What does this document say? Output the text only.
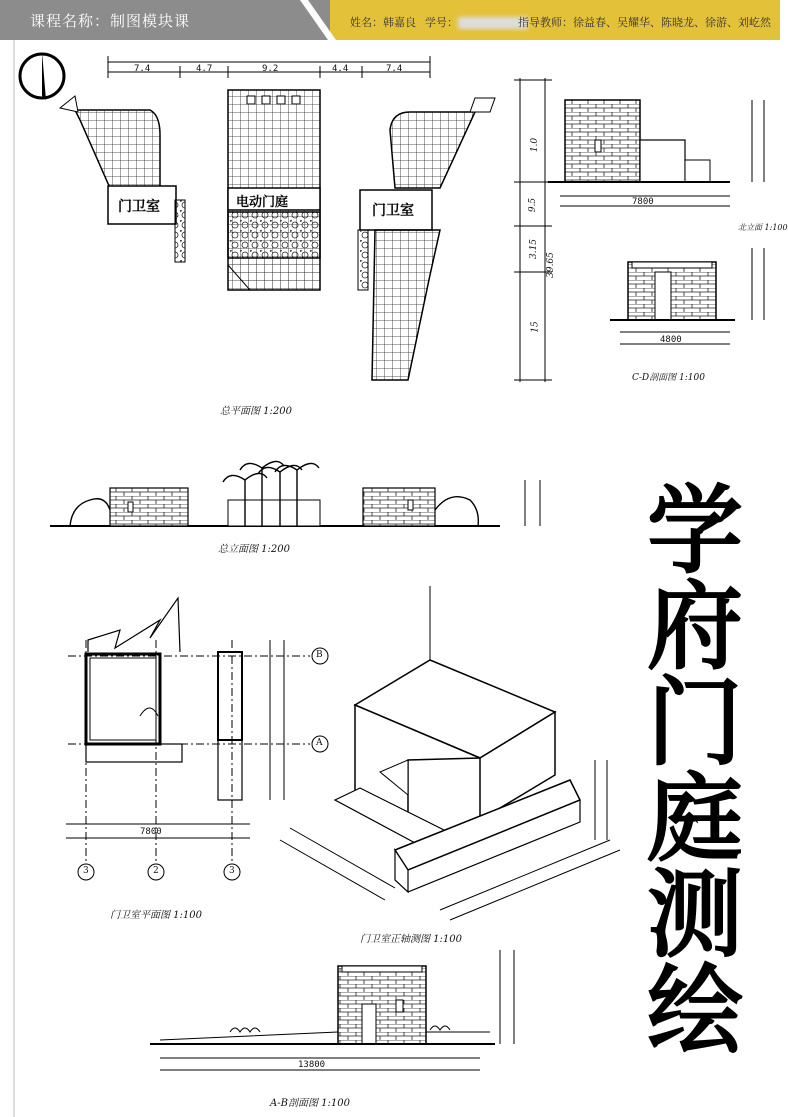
课程名称：制图模块课	姓名：韩嘉良 学号：	指导教师：徐益春、吴耀华、陈晓龙、徐游、刘屹然
7.4	4.7	9.2	4.4	7.4
门卫室	电动门庭
门卫室
总平面图 1:200
1.0
9.5
3.15
15
39.65
7800
北立面 1:100
4800
C-D剖面图 1:100
总立面图 1:200
B
A
3	2	3
7800
门卫室平面图 1:100
门卫室正轴测图 1:100
13800
A-B剖面图 1:100
学
府
门
庭
测
绘
